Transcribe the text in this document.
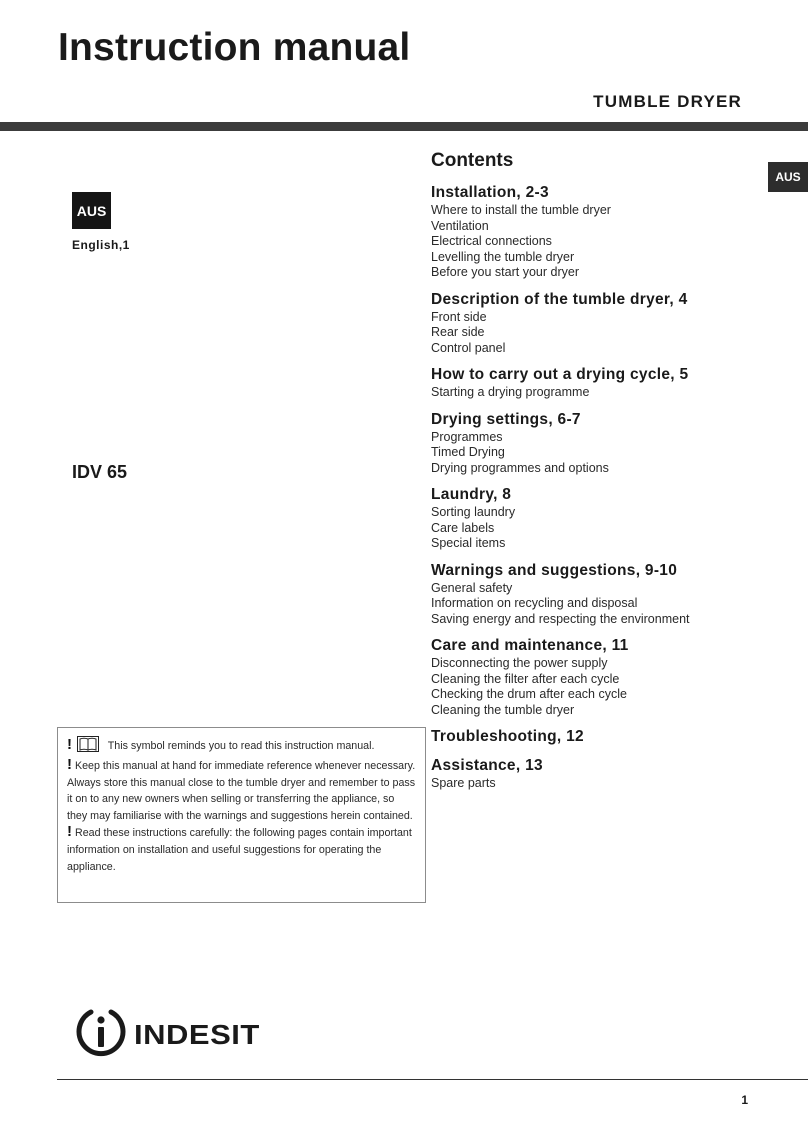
Instruction manual
TUMBLE DRYER
AUS
AUS
English,1
IDV 65
Contents
Installation, 2-3
Where to install the tumble dryer
Ventilation
Electrical connections
Levelling the tumble dryer
Before you start your dryer
Description of the tumble dryer, 4
Front side
Rear side
Control panel
How to carry out a drying cycle, 5
Starting a drying programme
Drying settings, 6-7
Programmes
Timed Drying
Drying programmes and options
Laundry, 8
Sorting laundry
Care labels
Special items
Warnings and suggestions, 9-10
General safety
Information on recycling and disposal
Saving energy and respecting the environment
Care and maintenance, 11
Disconnecting the power supply
Cleaning the filter after each cycle
Checking the drum after each cycle
Cleaning the tumble dryer
Troubleshooting, 12
Assistance, 13
Spare parts

!	This symbol reminds you to read this instruction manual.

! Keep this manual at hand for immediate reference whenever necessary. Always store this manual close to the tumble dryer and remember to pass it on to any new owners when selling or transferring the appliance, so they may familiarise with the warnings and suggestions herein contained.

! Read these instructions carefully: the following pages contain important information on installation and useful suggestions for operating the appliance.

INDESIT
1
